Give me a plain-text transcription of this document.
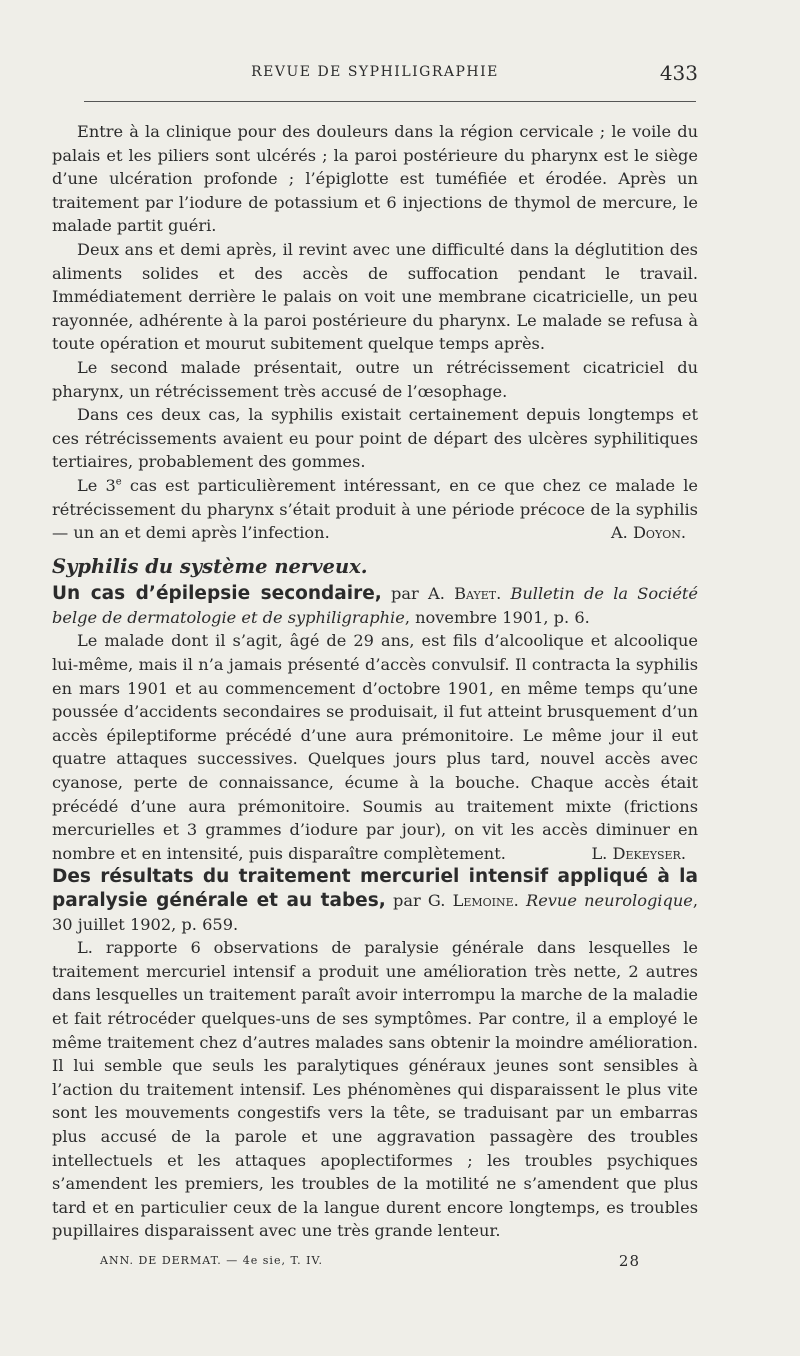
REVUE DE SYPHILIGRAPHIE	433

Entre à la clinique pour des douleurs dans la région cervicale ; le voile du palais et les piliers sont ulcérés ; la paroi postérieure du pharynx est le siège d’une ulcération profonde ; l’épiglotte est tuméfiée et érodée. Après un traitement par l’iodure de potassium et 6 injections de thymol de mercure, le malade partit guéri.

Deux ans et demi après, il revint avec une difficulté dans la déglutition des aliments solides et des accès de suffocation pendant le travail. Immédiatement derrière le palais on voit une membrane cicatricielle, un peu rayonnée, adhérente à la paroi postérieure du pharynx. Le malade se refusa à toute opération et mourut subitement quelque temps après.

Le second malade présentait, outre un rétrécissement cicatriciel du pharynx, un rétrécissement très accusé de l’œsophage.

Dans ces deux cas, la syphilis existait certainement depuis longtemps et ces rétrécissements avaient eu pour point de départ des ulcères syphilitiques tertiaires, probablement des gommes.

Le 3e cas est particulièrement intéressant, en ce que chez ce malade le rétrécissement du pharynx s’était produit à une période précoce de la syphilis — un an et demi après l’infection.	A. Doyon.

Syphilis du système nerveux.

Un cas d’épilepsie secondaire, par A. Bayet. Bulletin de la Société belge de dermatologie et de syphiligraphie, novembre 1901, p. 6.

Le malade dont il s’agit, âgé de 29 ans, est fils d’alcoolique et alcoolique lui-même, mais il n’a jamais présenté d’accès convulsif. Il contracta la syphilis en mars 1901 et au commencement d’octobre 1901, en même temps qu’une poussée d’accidents secondaires se produisait, il fut atteint brusquement d’un accès épileptiforme précédé d’une aura prémonitoire. Le même jour il eut quatre attaques successives. Quelques jours plus tard, nouvel accès avec cyanose, perte de connaissance, écume à la bouche. Chaque accès était précédé d’une aura prémonitoire. Soumis au traitement mixte (frictions mercurielles et 3 grammes d’iodure par jour), on vit les accès diminuer en nombre et en intensité, puis disparaître complètement.	L. Dekeyser.

Des résultats du traitement mercuriel intensif appliqué à la paralysie générale et au tabes, par G. Lemoine. Revue neurologique, 30 juillet 1902, p. 659.

L. rapporte 6 observations de paralysie générale dans lesquelles le traitement mercuriel intensif a produit une amélioration très nette, 2 autres dans lesquelles un traitement paraît avoir interrompu la marche de la maladie et fait rétrocéder quelques-uns de ses symptômes. Par contre, il a employé le même traitement chez d’autres malades sans obtenir la moindre amélioration. Il lui semble que seuls les paralytiques généraux jeunes sont sensibles à l’action du traitement intensif. Les phénomènes qui disparaissent le plus vite sont les mouvements congestifs vers la tête, se traduisant par un embarras plus accusé de la parole et une aggravation passagère des troubles intellectuels et les attaques apoplectiformes ; les troubles psychiques s’amendent les premiers, les troubles de la motilité ne s’amendent que plus tard et en particulier ceux de la langue durent encore longtemps, es troubles pupillaires disparaissent avec une très grande lenteur.

ANN. DE DERMAT. — 4e sie, T. IV.	28
